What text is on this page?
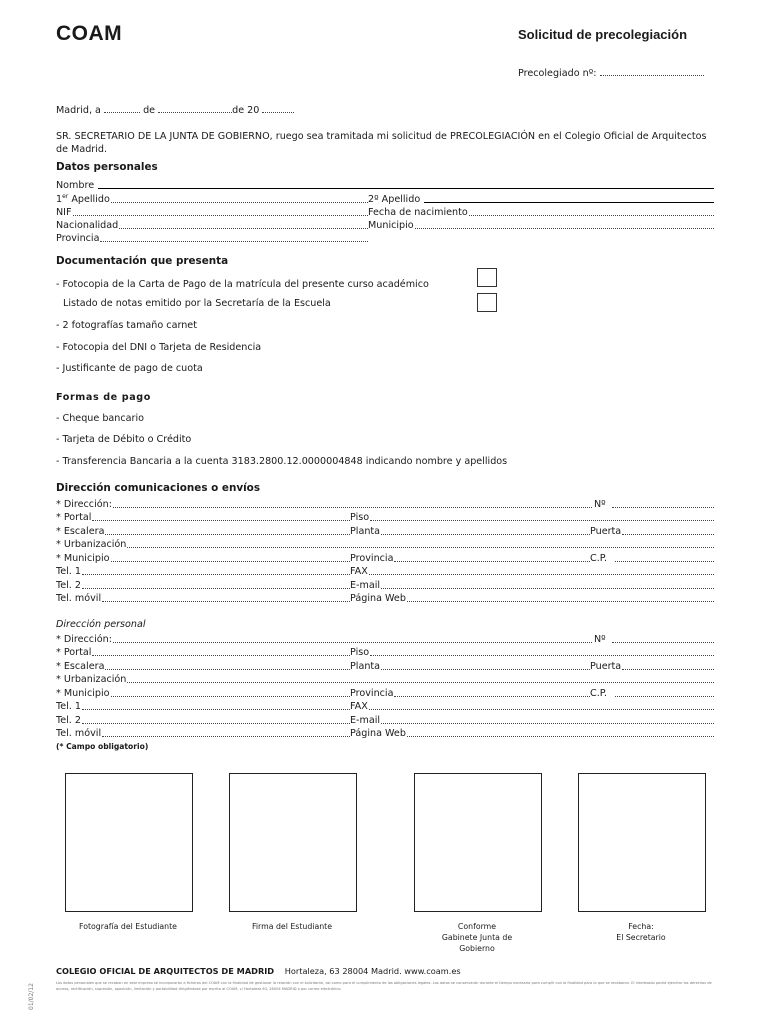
COAM	Solicitud de precolegiación
Precolegiado nº:
Madrid, a	de	de 20
SR. SECRETARIO DE LA JUNTA DE GOBIERNO, ruego sea tramitada mi solicitud de PRECOLEGIACIÓN en el Colegio Oficial de Arquitectos de Madrid.
Datos personales
Nombre
1er Apellido	2º Apellido
NIF	Fecha de nacimiento
Nacionalidad	Municipio
Provincia
Documentación que presenta
- Fotocopia de la Carta de Pago de la matrícula del presente curso académico
Listado de notas emitido por la Secretaría de la Escuela
- 2 fotografías tamaño carnet
- Fotocopia del DNI o Tarjeta de Residencia
- Justificante de pago de cuota
Formas de pago
- Cheque bancario
- Tarjeta de Débito o Crédito
- Transferencia Bancaria a la cuenta 3183.2800.12.0000004848 indicando nombre y apellidos
Dirección comunicaciones o envíos
* Dirección:	Nº
* Portal	Piso
* Escalera	Planta	Puerta
* Urbanización
* Municipio	Provincia	C.P.
Tel. 1	FAX
Tel. 2	E-mail
Tel. móvil	Página Web
Dirección personal
* Dirección:	Nº
* Portal	Piso
* Escalera	Planta	Puerta
* Urbanización
* Municipio	Provincia	C.P.
Tel. 1	FAX
Tel. 2	E-mail
Tel. móvil	Página Web
(* Campo obligatorio)
Fotografía del Estudiante	Firma del Estudiante	Conforme
Gabinete Junta de
Gobierno
Fecha:
El Secretario
COLEGIO OFICIAL DE ARQUITECTOS DE MADRID Hortaleza, 63 28004 Madrid. www.coam.es
Los datos personales que se recaban en este impreso se incorporarán a ficheros del COAM con la finalidad de gestionar la relación con el solicitante, así como para el cumplimiento de las obligaciones legales. Los datos se conservarán durante el tiempo necesario para cumplir con la finalidad para la que se recabaron. El interesado podrá ejercitar los derechos de acceso, rectificación, supresión, oposición, limitación y portabilidad dirigiéndose por escrito al COAM, c/ Hortaleza 63, 28004 MADRID o por correo electrónico.
01/02/12
